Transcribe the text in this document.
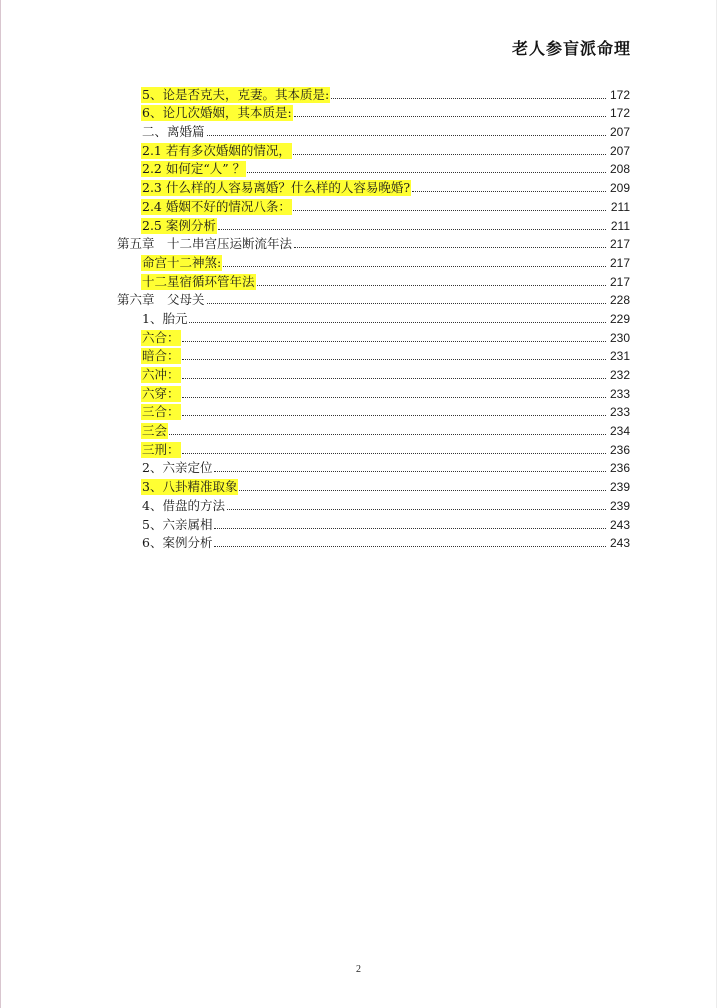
老人参盲派命理
5、论是否克夫，克妻。其本质是:	172
6、论几次婚姻，其本质是:	172
二、离婚篇	207
2.1 若有多次婚姻的情况，	207
2.2 如何定“人” ？	208
2.3 什么样的人容易离婚？什么样的人容易晚婚?	209
2.4 婚姻不好的情况八条：	211
2.5 案例分析	211
第五章　十二串宫压运断流年法	217
命宫十二神煞:	217
十二星宿循环管年法	217
第六章　父母关	228
1、胎元	229
六合：	230
暗合：	231
六冲：	232
六穿：	233
三合：	233
三会	234
三刑：	236
2、六亲定位	236
3、八卦精准取象	239
4、借盘的方法	239
5、六亲属相	243
6、案例分析	243
2
